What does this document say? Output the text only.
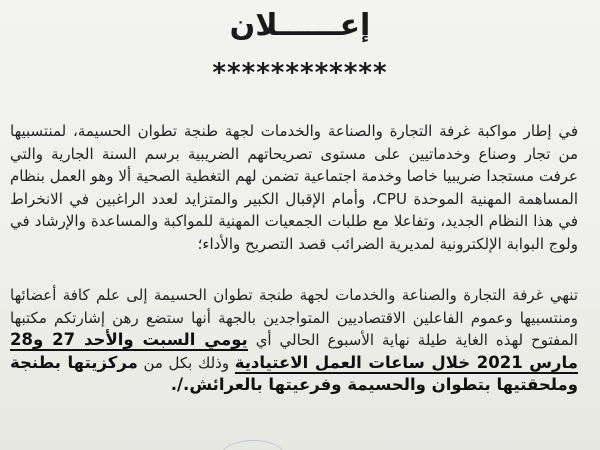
إعــــــلان
************

في إطار مواكبة غرفة التجارة والصناعة والخدمات لجهة طنجة تطوان الحسيمة، لمنتسبيها من تجار وصناع وخدماتيين على مستوى تصريحاتهم الضريبية برسم السنة الجارية والتي عرفت مستجدا ضريبيا خاصا وخدمة اجتماعية تضمن لهم التغطية الصحية ألا وهو العمل بنظام المساهمة المهنية الموحدة CPU، وأمام الإقبال الكبير والمتزايد لعدد الراغبين في الانخراط في هذا النظام الجديد، وتفاعلا مع طلبات الجمعيات المهنية للمواكبة والمساعدة والإرشاد في ولوج البوابة الإلكترونية لمديرية الضرائب قصد التصريح والأداء؛

تنهي غرفة التجارة والصناعة والخدمات لجهة طنجة تطوان الحسيمة إلى علم كافة أعضائها ومنتسبيها وعموم الفاعلين الاقتصاديين المتواجدين بالجهة أنها ستضع رهن إشارتكم مكتبها المفتوح لهذه الغاية طيلة نهاية الأسبوع الحالي أي يومي السبت والأحد 27 و28 مارس 2021 خلال ساعات العمل الاعتيادية وذلك بكل من مركزيتها بطنجة وملحقتيها بتطوان والحسيمة وفرعيتها بالعرائش./.
